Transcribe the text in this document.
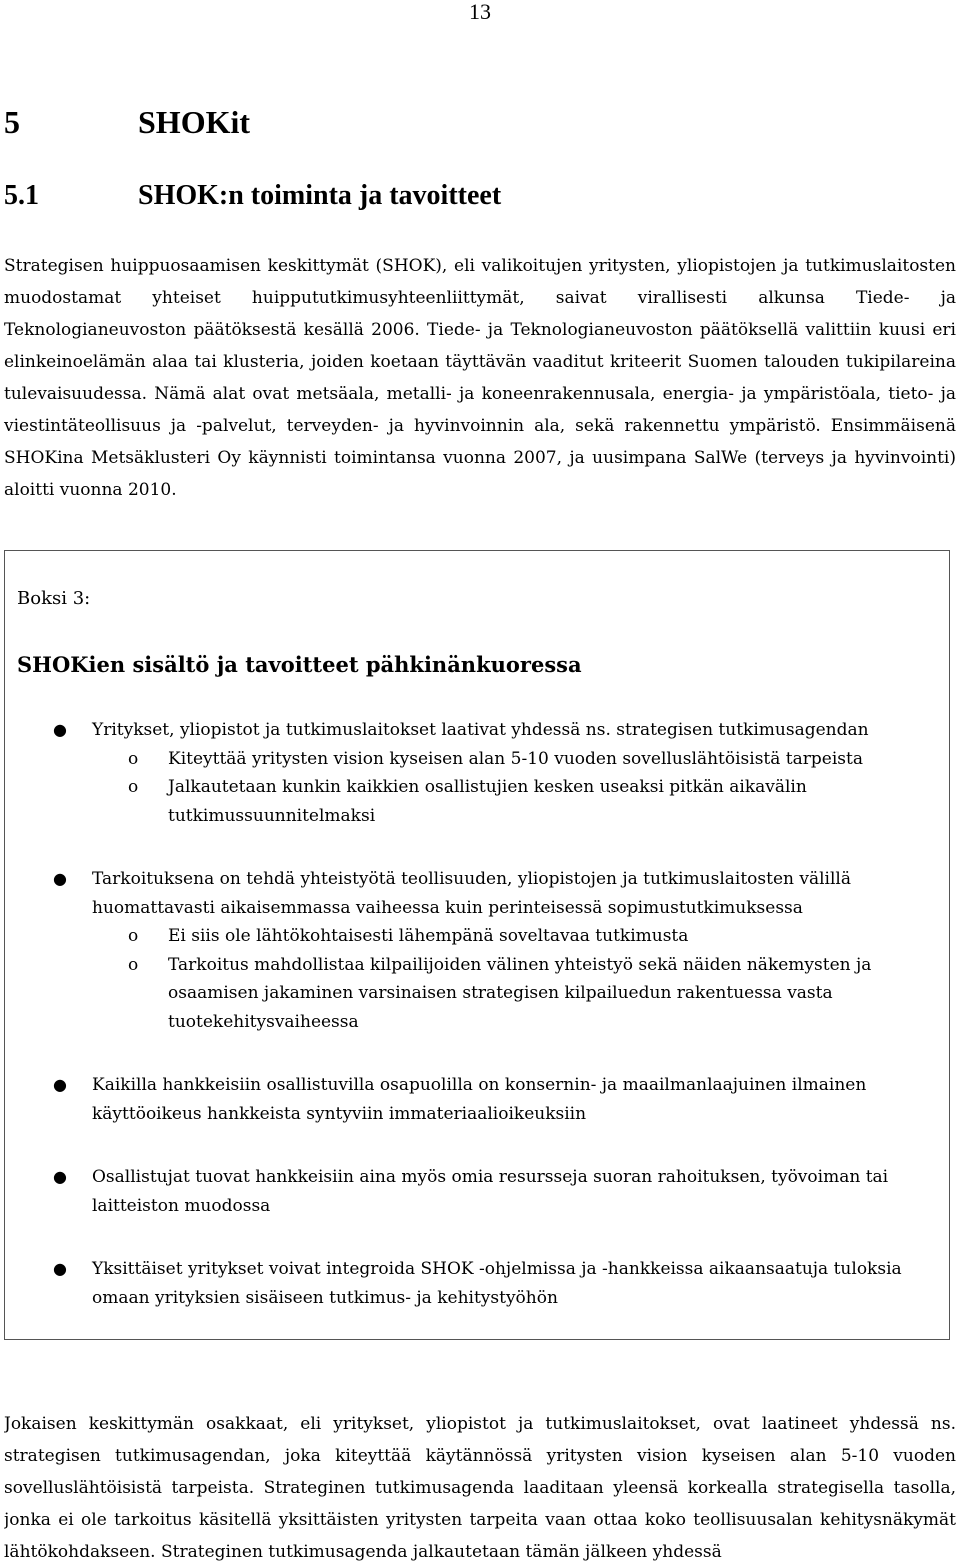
13
5	SHOKit
5.1	SHOK:n toiminta ja tavoitteet

Strategisen huippuosaamisen keskittymät (SHOK), eli valikoitujen yritysten, yliopistojen ja tutkimuslaitosten muodostamat yhteiset huippututkimusyhteenliittymät, saivat virallisesti alkunsa Tiede- ja Teknologianeuvoston päätöksestä kesällä 2006. Tiede- ja Teknologianeuvoston päätöksellä valittiin kuusi eri elinkeinoelämän alaa tai klusteria, joiden koetaan täyttävän vaaditut kriteerit Suomen talouden tukipilareina tulevaisuudessa. Nämä alat ovat metsäala, metalli- ja koneenrakennusala, energia- ja ympäristöala, tieto- ja viestintäteollisuus ja -palvelut, terveyden- ja hyvinvoinnin ala, sekä rakennettu ympäristö. Ensimmäisenä SHOKina Metsäklusteri Oy käynnisti toimintansa vuonna 2007, ja uusimpana SalWe (terveys ja hyvinvointi) aloitti vuonna 2010.

Boksi 3:
SHOKien sisältö ja tavoitteet pähkinänkuoressa
● Yritykset, yliopistot ja tutkimuslaitokset laativat yhdessä ns. strategisen tutkimusagendan
o Kiteyttää yritysten vision kyseisen alan 5-10 vuoden sovelluslähtöisistä tarpeista
o Jalkautetaan kunkin kaikkien osallistujien kesken useaksi pitkän aikavälin tutkimussuunnitelmaksi
● Tarkoituksena on tehdä yhteistyötä teollisuuden, yliopistojen ja tutkimuslaitosten välillä huomattavasti aikaisemmassa vaiheessa kuin perinteisessä sopimustutkimuksessa
o Ei siis ole lähtökohtaisesti lähempänä soveltavaa tutkimusta
o Tarkoitus mahdollistaa kilpailijoiden välinen yhteistyö sekä näiden näkemysten ja osaamisen jakaminen varsinaisen strategisen kilpailuedun rakentuessa vasta tuotekehitysvaiheessa
● Kaikilla hankkeisiin osallistuvilla osapuolilla on konsernin- ja maailmanlaajuinen ilmainen käyttöoikeus hankkeista syntyviin immateriaalioikeuksiin
● Osallistujat tuovat hankkeisiin aina myös omia resursseja suoran rahoituksen, työvoiman tai laitteiston muodossa
● Yksittäiset yritykset voivat integroida SHOK -ohjelmissa ja -hankkeissa aikaansaatuja tuloksia omaan yrityksien sisäiseen tutkimus- ja kehitystyöhön

Jokaisen keskittymän osakkaat, eli yritykset, yliopistot ja tutkimuslaitokset, ovat laatineet yhdessä ns. strategisen tutkimusagendan, joka kiteyttää käytännössä yritysten vision kyseisen alan 5-10 vuoden sovelluslähtöisistä tarpeista. Strateginen tutkimusagenda laaditaan yleensä korkealla strategisella tasolla, jonka ei ole tarkoitus käsitellä yksittäisten yritysten tarpeita vaan ottaa koko teollisuusalan kehitysnäkymät lähtökohdakseen. Strateginen tutkimusagenda jalkautetaan tämän jälkeen yhdessä
